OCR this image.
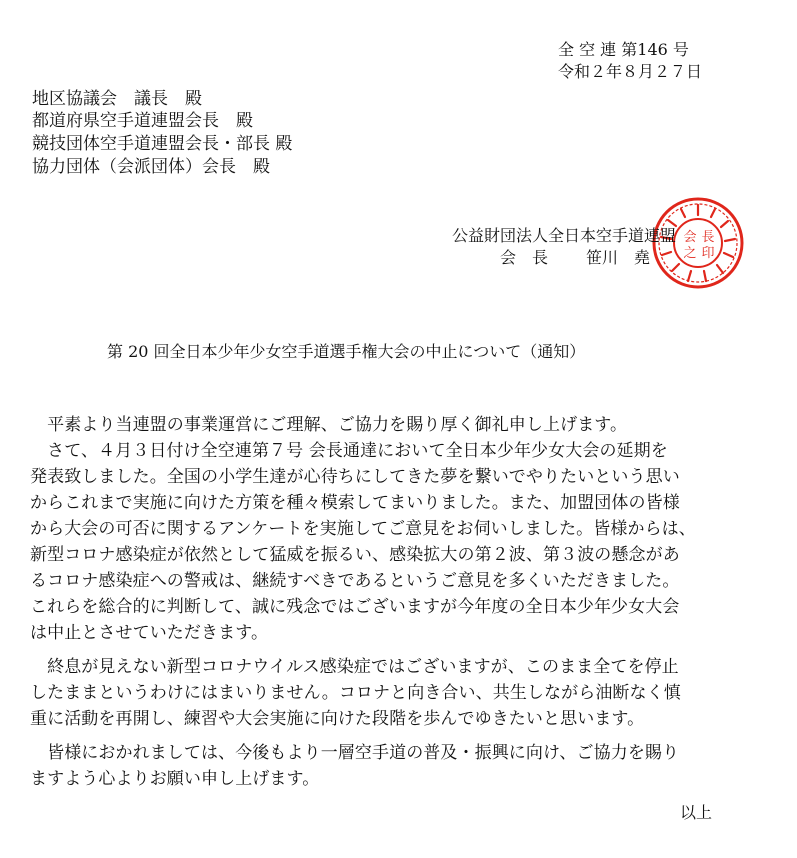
全 空 連 第146 号

令和２年８月２７日

地区協議会　議長　殿

都道府県空手道連盟会長　殿

競技団体空手道連盟会長・部長 殿

協力団体（会派団体）会長　殿

会 長
之 印

公益財団法人全日本空手道連盟

会　長 笹川　堯

第 20 回全日本少年少女空手道選手権大会の中止について（通知）

　平素より当連盟の事業運営にご理解、ご協力を賜り厚く御礼申し上げます。

　さて、４月３日付け全空連第７号 会長通達において全日本少年少女大会の延期を

発表致しました。全国の小学生達が心待ちにしてきた夢を繋いでやりたいという思い

からこれまで実施に向けた方策を種々模索してまいりました。また、加盟団体の皆様

から大会の可否に関するアンケートを実施してご意見をお伺いしました。皆様からは、

新型コロナ感染症が依然として猛威を振るい、感染拡大の第２波、第３波の懸念があ

るコロナ感染症への警戒は、継続すべきであるというご意見を多くいただきました。

これらを総合的に判断して、誠に残念ではございますが今年度の全日本少年少女大会

は中止とさせていただきます。

　終息が見えない新型コロナウイルス感染症ではございますが、このまま全てを停止

したままというわけにはまいりません。コロナと向き合い、共生しながら油断なく慎

重に活動を再開し、練習や大会実施に向けた段階を歩んでゆきたいと思います。

　皆様におかれましては、今後もより一層空手道の普及・振興に向け、ご協力を賜り

ますよう心よりお願い申し上げます。

以上
